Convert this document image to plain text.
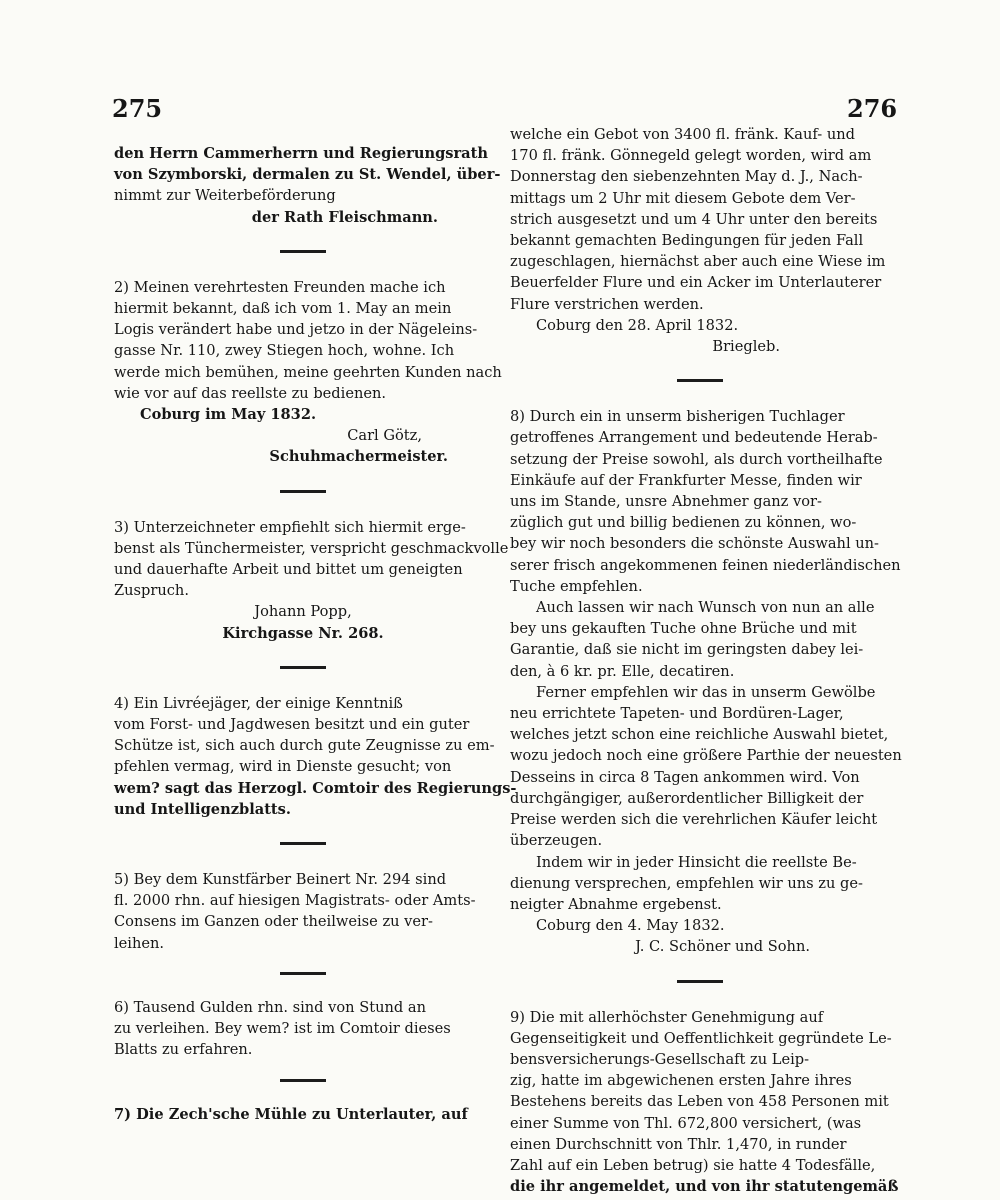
275	276
den Herrn Cammerherrn und Regierungsrath
von Szymborski, dermalen zu St. Wendel, über-
nimmt zur Weiterbeförderung
der Rath Fleischmann.
2) Meinen verehrtesten Freunden mache ich
hiermit bekannt, daß ich vom 1. May an mein
Logis verändert habe und jetzo in der Nägeleins-
gasse Nr. 110, zwey Stiegen hoch, wohne. Ich
werde mich bemühen, meine geehrten Kunden nach
wie vor auf das reellste zu bedienen.
Coburg im May 1832.
Carl Götz,
Schuhmachermeister.
3) Unterzeichneter empfiehlt sich hiermit erge-
benst als Tünchermeister, verspricht geschmackvolle
und dauerhafte Arbeit und bittet um geneigten
Zuspruch.
Johann Popp,
Kirchgasse Nr. 268.
4) Ein Livréejäger, der einige Kenntniß
vom Forst- und Jagdwesen besitzt und ein guter
Schütze ist, sich auch durch gute Zeugnisse zu em-
pfehlen vermag, wird in Dienste gesucht; von
wem? sagt das Herzogl. Comtoir des Regierungs-
und Intelligenzblatts.
5) Bey dem Kunstfärber Beinert Nr. 294 sind
fl. 2000 rhn. auf hiesigen Magistrats- oder Amts-
Consens im Ganzen oder theilweise zu ver-
leihen.
6) Tausend Gulden rhn. sind von Stund an
zu verleihen. Bey wem? ist im Comtoir dieses
Blatts zu erfahren.
7) Die Zech'sche Mühle zu Unterlauter, auf
welche ein Gebot von 3400 fl. fränk. Kauf- und
170 fl. fränk. Gönnegeld gelegt worden, wird am
Donnerstag den siebenzehnten May d. J., Nach-
mittags um 2 Uhr mit diesem Gebote dem Ver-
strich ausgesetzt und um 4 Uhr unter den bereits
bekannt gemachten Bedingungen für jeden Fall
zugeschlagen, hiernächst aber auch eine Wiese im
Beuerfelder Flure und ein Acker im Unterlauterer
Flure verstrichen werden.
Coburg den 28. April 1832.
Briegleb.
8) Durch ein in unserm bisherigen Tuchlager
getroffenes Arrangement und bedeutende Herab-
setzung der Preise sowohl, als durch vortheilhafte
Einkäufe auf der Frankfurter Messe, finden wir
uns im Stande, unsre Abnehmer ganz vor-
züglich gut und billig bedienen zu können, wo-
bey wir noch besonders die schönste Auswahl un-
serer frisch angekommenen feinen niederländischen
Tuche empfehlen.
Auch lassen wir nach Wunsch von nun an alle
bey uns gekauften Tuche ohne Brüche und mit
Garantie, daß sie nicht im geringsten dabey lei-
den, à 6 kr. pr. Elle, decatiren.
Ferner empfehlen wir das in unserm Gewölbe
neu errichtete Tapeten- und Bordüren-Lager,
welches jetzt schon eine reichliche Auswahl bietet,
wozu jedoch noch eine größere Parthie der neuesten
Desseins in circa 8 Tagen ankommen wird. Von
durchgängiger, außerordentlicher Billigkeit der
Preise werden sich die verehrlichen Käufer leicht
überzeugen.
Indem wir in jeder Hinsicht die reellste Be-
dienung versprechen, empfehlen wir uns zu ge-
neigter Abnahme ergebenst.
Coburg den 4. May 1832.
J. C. Schöner und Sohn.
9) Die mit allerhöchster Genehmigung auf
Gegenseitigkeit und Oeffentlichkeit gegründete Le-
bensversicherungs-Gesellschaft zu Leip-
zig, hatte im abgewichenen ersten Jahre ihres
Bestehens bereits das Leben von 458 Personen mit
einer Summe von Thl. 672,800 versichert, (was
einen Durchschnitt von Thlr. 1,470, in runder
Zahl auf ein Leben betrug) sie hatte 4 Todesfälle,
die ihr angemeldet, und von ihr statutengemäß
